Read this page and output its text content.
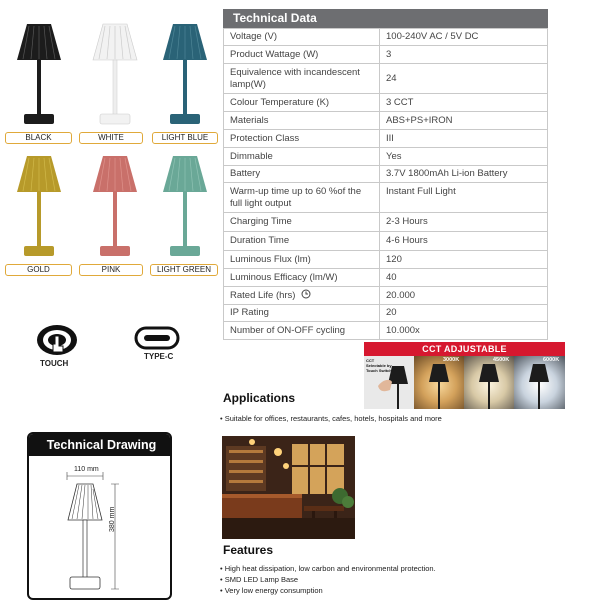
BLACK	WHITE	LIGHT BLUE
GOLD	PINK	LIGHT GREEN
TOUCH
TYPE-C
Technical Data
Voltage (V)	100-240V AC / 5V DC
Product Wattage (W)	3
Equivalence with incandescent lamp(W)	24
Colour Temperature (K)	3 CCT
Materials	ABS+PS+IRON
Protection Class	III
Dimmable	Yes
Battery	3.7V 1800mAh Li-ion Battery
Warm-up time up to 60 %of the full light output	Instant Full Light
Charging Time	2-3 Hours
Duration Time	4-6 Hours
Luminous Flux (lm)	120
Luminous Efficacy (lm/W)	40
Rated Life (hrs)	20.000
IP Rating	20
Number of ON-OFF cycling	10.000x
CCT Selectable by Touch Switch
3000K	4500K	6000K
CCT ADJUSTABLE
Applications
• Suitable for offices, restaurants, cafes, hotels, hospitals and more
Features
• High heat dissipation, low carbon and environmental protection.
• SMD LED Lamp Base
• Very low energy consumption
Technical Drawing
110 mm
380 mm
